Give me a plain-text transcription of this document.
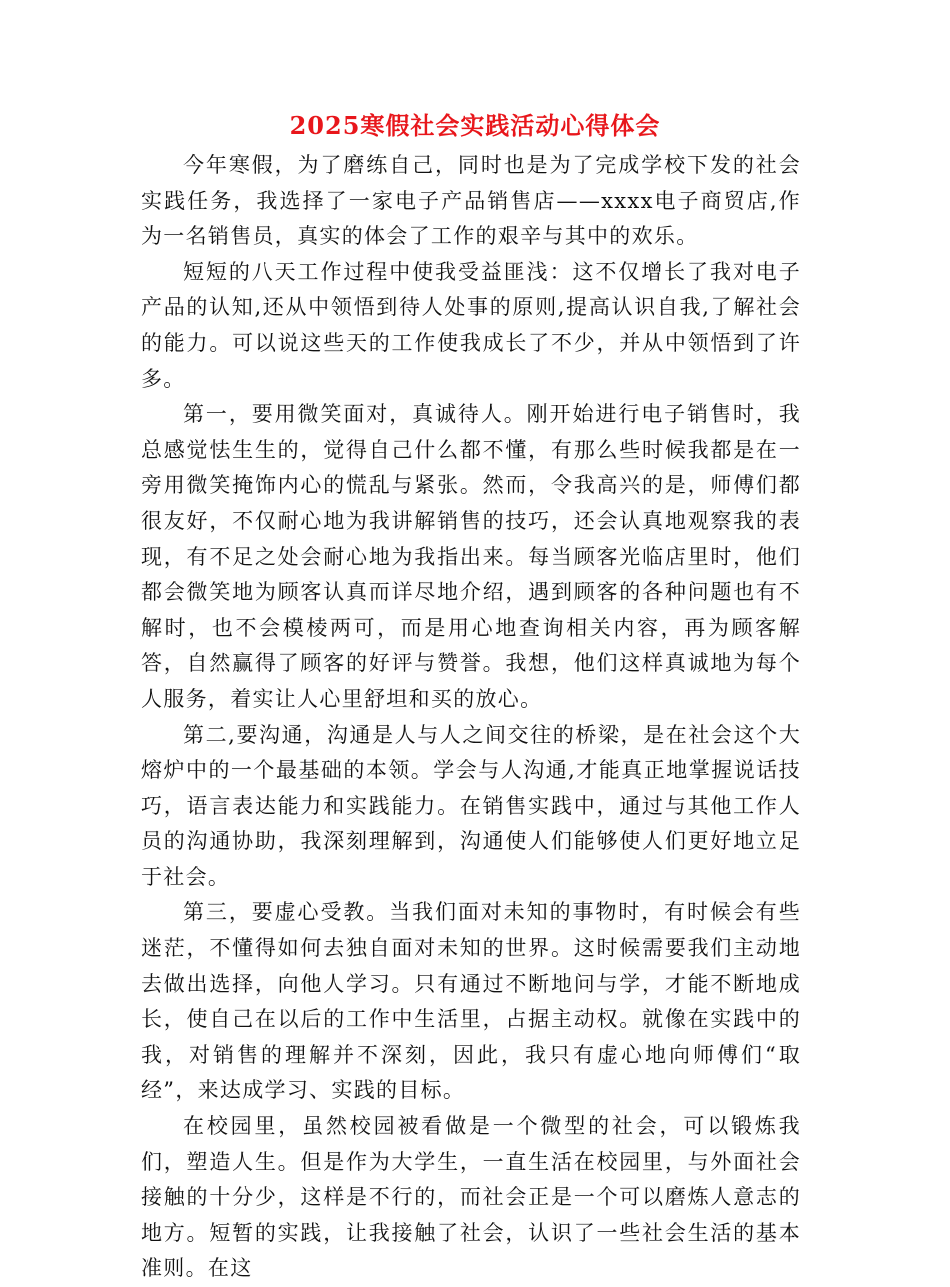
2025寒假社会实践活动心得体会

今年寒假，为了磨练自己，同时也是为了完成学校下发的社会实践任务，我选择了一家电子产品销售店——xxxx电子商贸店,作为一名销售员，真实的体会了工作的艰辛与其中的欢乐。

短短的八天工作过程中使我受益匪浅：这不仅增长了我对电子产品的认知,还从中领悟到待人处事的原则,提高认识自我,了解社会的能力。可以说这些天的工作使我成长了不少，并从中领悟到了许多。

第一，要用微笑面对，真诚待人。刚开始进行电子销售时，我总感觉怯生生的，觉得自己什么都不懂，有那么些时候我都是在一旁用微笑掩饰内心的慌乱与紧张。然而，令我高兴的是，师傅们都很友好，不仅耐心地为我讲解销售的技巧，还会认真地观察我的表现，有不足之处会耐心地为我指出来。每当顾客光临店里时，他们都会微笑地为顾客认真而详尽地介绍，遇到顾客的各种问题也有不解时，也不会模棱两可，而是用心地查询相关内容，再为顾客解答，自然赢得了顾客的好评与赞誉。我想，他们这样真诚地为每个人服务，着实让人心里舒坦和买的放心。

第二,要沟通，沟通是人与人之间交往的桥梁，是在社会这个大熔炉中的一个最基础的本领。学会与人沟通,才能真正地掌握说话技巧，语言表达能力和实践能力。在销售实践中，通过与其他工作人员的沟通协助，我深刻理解到，沟通使人们能够使人们更好地立足于社会。

第三，要虚心受教。当我们面对未知的事物时，有时候会有些迷茫，不懂得如何去独自面对未知的世界。这时候需要我们主动地去做出选择，向他人学习。只有通过不断地问与学，才能不断地成长，使自己在以后的工作中生活里，占据主动权。就像在实践中的我，对销售的理解并不深刻，因此，我只有虚心地向师傅们“取经”，来达成学习、实践的目标。

在校园里，虽然校园被看做是一个微型的社会，可以锻炼我们，塑造人生。但是作为大学生，一直生活在校园里，与外面社会接触的十分少，这样是不行的，而社会正是一个可以磨炼人意志的地方。短暂的实践，让我接触了社会，认识了一些社会生活的基本准则。在这
